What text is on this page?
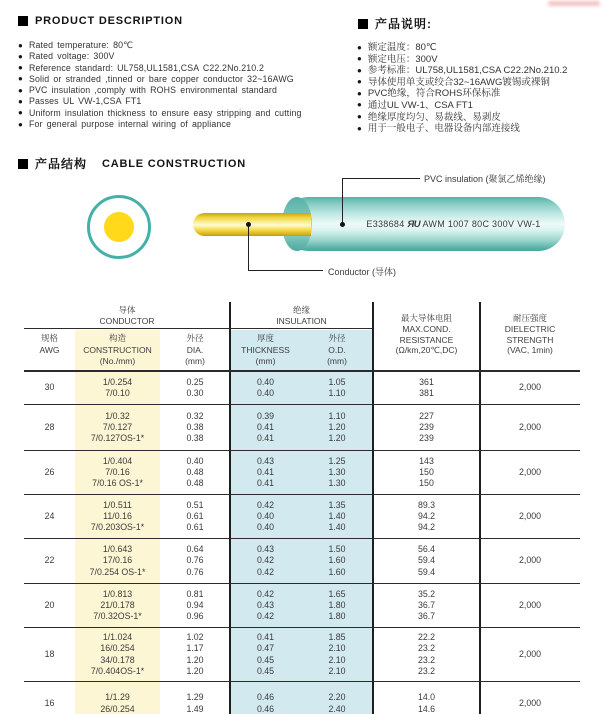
PRODUCT DESCRIPTION
● Rated temperature: 80℃
● Rated voltage: 300V
● Reference standard: UL758,UL1581,CSA C22.2No.210.2
● Solid or stranded ,tinned or bare copper conductor 32~16AWG
● PVC insulation ,comply with ROHS environmental standard
● Passes UL VW-1,CSA FT1
● Uniform insulation thickness to ensure easy stripping and cutting
● For general purpose internal wiring of appliance
产品说明:
● 额定温度：80℃
● 额定电压：300V
● 参考标准：UL758,UL1581,CSA C22.2No.210.2
● 导体使用单支或绞合32~16AWG镀锡或裸铜
● PVC绝缘，符合ROHS环保标准
● 通过UL VW-1、CSA FT1
● 绝缘厚度均匀、易裁线、易剥皮
● 用于一般电子、电器设备内部连接线
产品结构 CABLE CONSTRUCTION
E338684 ЯU AWM 1007 80C 300V VW-1
PVC insulation (聚氯乙烯绝缘)
Conductor (导体)
导体
CONDUCTOR
绝缘
INSULATION
规格
AWG
构造
CONSTRUCTION
(No./mm)
外径
DIA.
(mm)
厚度
THICKNESS
(mm)
外径
O.D.
(mm)
最大导体电阻
MAX.COND.
RESISTANCE
(Ω/km,20℃,DC)
耐压强度
DIELECTRIC
STRENGTH
(VAC, 1min)
30
1/0.254
7/0.10
0.25
0.30
0.40
0.40
1.05
1.10
361
381
2,000
28
1/0.32
7/0.127
7/0.127OS-1*
0.32
0.38
0.38
0.39
0.41
0.41
1.10
1.20
1.20
227
239
239
2,000
26
1/0.404
7/0.16
7/0.16 OS-1*
0.40
0.48
0.48
0.43
0.41
0.41
1.25
1.30
1.30
143
150
150
2,000
24
1/0.511
11/0.16
7/0.203OS-1*
0.51
0.61
0.61
0.42
0.40
0.40
1.35
1.40
1.40
89.3
94.2
94.2
2,000
22
1/0.643
17/0.16
7/0.254 OS-1*
0.64
0.76
0.76
0.43
0.42
0.42
1.50
1.60
1.60
56.4
59.4
59.4
2,000
20
1/0.813
21/0.178
7/0.32OS-1*
0.81
0.94
0.96
0.42
0.43
0.42
1.65
1.80
1.80
35.2
36.7
36.7
2,000
18
1/1.024
16/0.254
34/0.178
7/0.404OS-1*
1.02
1.17
1.20
1.20
0.41
0.47
0.45
0.45
1.85
2.10
2.10
2.10
22.2
23.2
23.2
23.2
2,000
16
1/1.29
26/0.254
1.29
1.49
0.46
0.46
2.20
2.40
14.0
14.6
2,000
